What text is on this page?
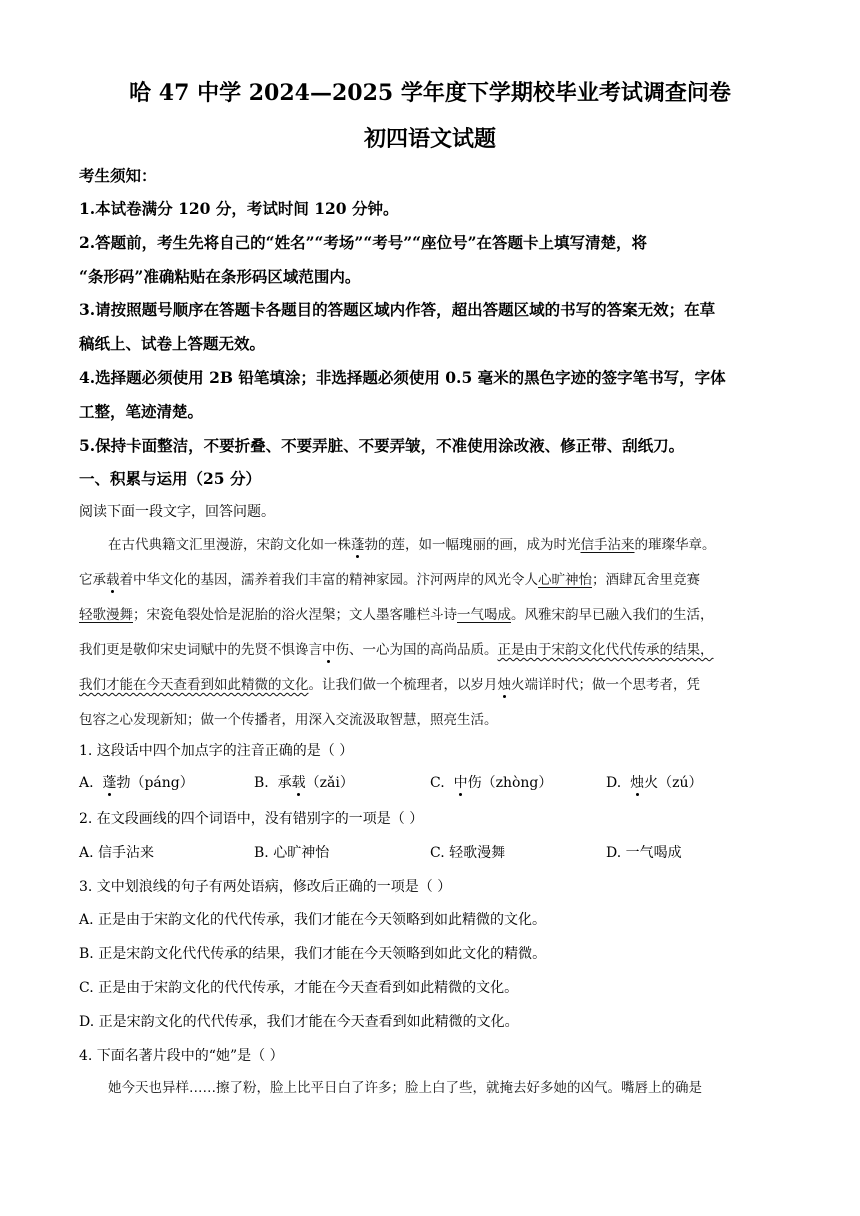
哈 47 中学 2024—2025 学年度下学期校毕业考试调查问卷
初四语文试题
考生须知：
1.本试卷满分 120 分，考试时间 120 分钟。
2.答题前，考生先将自己的“姓名”“考场”“考号”“座位号”在答题卡上填写清楚，将
“条形码”准确粘贴在条形码区域范围内。
3.请按照题号顺序在答题卡各题目的答题区域内作答，超出答题区域的书写的答案无效；在草
稿纸上、试卷上答题无效。
4.选择题必须使用 2B 铅笔填涂；非选择题必须使用 0.5 毫米的黑色字迹的签字笔书写，字体
工整，笔迹清楚。
5.保持卡面整洁，不要折叠、不要弄脏、不要弄皱，不准使用涂改液、修正带、刮纸刀。
一、积累与运用（25 分）
阅读下面一段文字，回答问题。
在古代典籍文汇里漫游，宋韵文化如一株蓬勃的莲，如一幅瑰丽的画，成为时光信手沾来的璀璨华章。
它承载着中华文化的基因，濡养着我们丰富的精神家园。汴河两岸的风光令人心旷神怡；酒肆瓦舍里竞赛
轻歌漫舞；宋瓷龟裂处恰是泥胎的浴火涅槃；文人墨客雕栏斗诗一气喝成。风雅宋韵早已融入我们的生活，
我们更是敬仰宋史词赋中的先贤不惧谗言中伤、一心为国的高尚品质。正是由于宋韵文化代代传承的结果，
我们才能在今天查看到如此精微的文化。让我们做一个梳理者，以岁月烛火端详时代；做一个思考者，凭
包容之心发现新知；做一个传播者，用深入交流汲取智慧，照亮生活。
1. 这段话中四个加点字的注音正确的是（ ）
A. 蓬勃（páng）	B. 承载（zǎi）	C. 中伤（zhòng）	D. 烛火（zú）
2. 在文段画线的四个词语中，没有错别字的一项是（ ）
A. 信手沾来	B. 心旷神怡	C. 轻歌漫舞	D. 一气喝成
3. 文中划浪线的句子有两处语病，修改后正确的一项是（ ）
A. 正是由于宋韵文化的代代传承，我们才能在今天领略到如此精微的文化。
B. 正是宋韵文化代代传承的结果，我们才能在今天领略到如此文化的精微。
C. 正是由于宋韵文化的代代传承，才能在今天查看到如此精微的文化。
D. 正是宋韵文化的代代传承，我们才能在今天查看到如此精微的文化。
4. 下面名著片段中的“她”是（ ）
她今天也异样……擦了粉，脸上比平日白了许多；脸上白了些，就掩去好多她的凶气。嘴唇上的确是
